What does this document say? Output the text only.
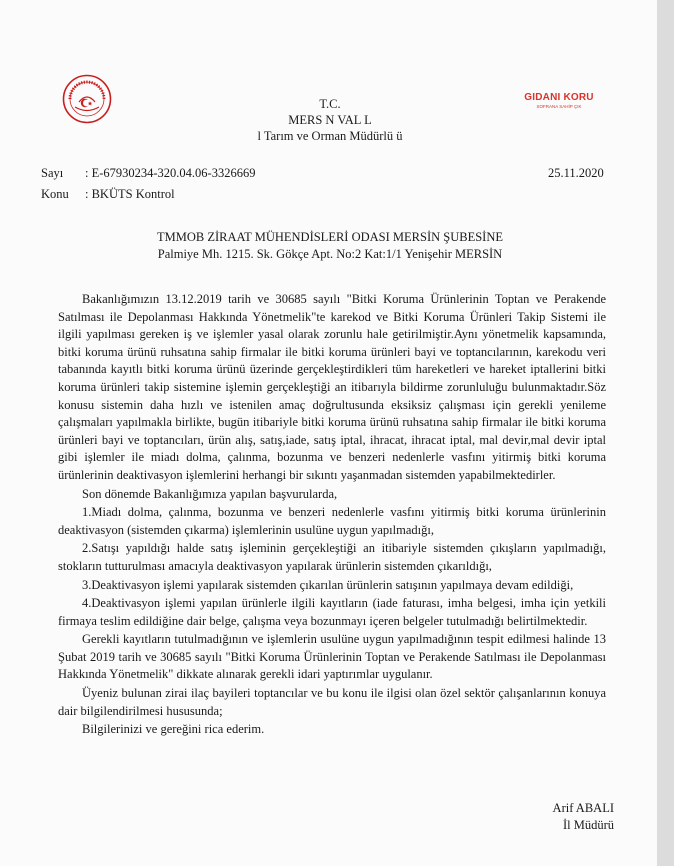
GIDANI KORU
SOFRANA SAHİP ÇIK
T.C.
MERS N VAL L
l Tarım ve Orman Müdürlü ü
Sayı : E-67930234-320.04.06-3326669	25.11.2020
Konu : BKÜTS Kontrol
TMMOB ZİRAAT MÜHENDİSLERİ ODASI MERSİN ŞUBESİNE
Palmiye Mh. 1215. Sk. Gökçe Apt. No:2 Kat:1/1 Yenişehir MERSİN

Bakanlığımızın 13.12.2019 tarih ve 30685 sayılı "Bitki Koruma Ürünlerinin Toptan ve Perakende Satılması ile Depolanması Hakkında Yönetmelik"te karekod ve Bitki Koruma Ürünleri Takip Sistemi ile ilgili yapılması gereken iş ve işlemler yasal olarak zorunlu hale getirilmiştir.Aynı yönetmelik kapsamında, bitki koruma ürünü ruhsatına sahip firmalar ile bitki koruma ürünleri bayi ve toptancılarının, karekodu veri tabanında kayıtlı bitki koruma ürünü üzerinde gerçekleştirdikleri tüm hareketleri ve hareket iptallerini bitki koruma ürünleri takip sistemine işlemin gerçekleştiği an itibarıyla bildirme zorunluluğu bulunmaktadır.Söz konusu sistemin daha hızlı ve istenilen amaç doğrultusunda eksiksiz çalışması için gerekli yenileme çalışmaları yapılmakla birlikte, bugün itibariyle bitki koruma ürünü ruhsatına sahip firmalar ile bitki koruma ürünleri bayi ve toptancıları, ürün alış, satış,iade, satış iptal, ihracat, ihracat iptal, mal devir,mal devir iptal gibi işlemler ile miadı dolma, çalınma, bozunma ve benzeri nedenlerle vasfını yitirmiş bitki koruma ürünlerinin deaktivasyon işlemlerini herhangi bir sıkıntı yaşanmadan sistemden yapabilmektedirler.

Son dönemde Bakanlığımıza yapılan başvurularda,

1.Miadı dolma, çalınma, bozunma ve benzeri nedenlerle vasfını yitirmiş bitki koruma ürünlerinin deaktivasyon (sistemden çıkarma) işlemlerinin usulüne uygun yapılmadığı,

2.Satışı yapıldığı halde satış işleminin gerçekleştiği an itibariyle sistemden çıkışların yapılmadığı, stokların tutturulması amacıyla deaktivasyon yapılarak ürünlerin sistemden çıkarıldığı,

3.Deaktivasyon işlemi yapılarak sistemden çıkarılan ürünlerin satışının yapılmaya devam edildiği,

4.Deaktivasyon işlemi yapılan ürünlerle ilgili kayıtların (iade faturası, imha belgesi, imha için yetkili firmaya teslim edildiğine dair belge, çalışma veya bozunmayı içeren belgeler tutulmadığı belirtilmektedir.

Gerekli kayıtların tutulmadığının ve işlemlerin usulüne uygun yapılmadığının tespit edilmesi halinde 13 Şubat 2019 tarih ve 30685 sayılı "Bitki Koruma Ürünlerinin Toptan ve Perakende Satılması ile Depolanması Hakkında Yönetmelik" dikkate alınarak gerekli idari yaptırımlar uygulanır.

Üyeniz bulunan zirai ilaç bayileri toptancılar ve bu konu ile ilgisi olan özel sektör çalışanlarının konuya dair bilgilendirilmesi hususunda;

Bilgilerinizi ve gereğini rica ederim.

Arif ABALI
İl Müdürü
